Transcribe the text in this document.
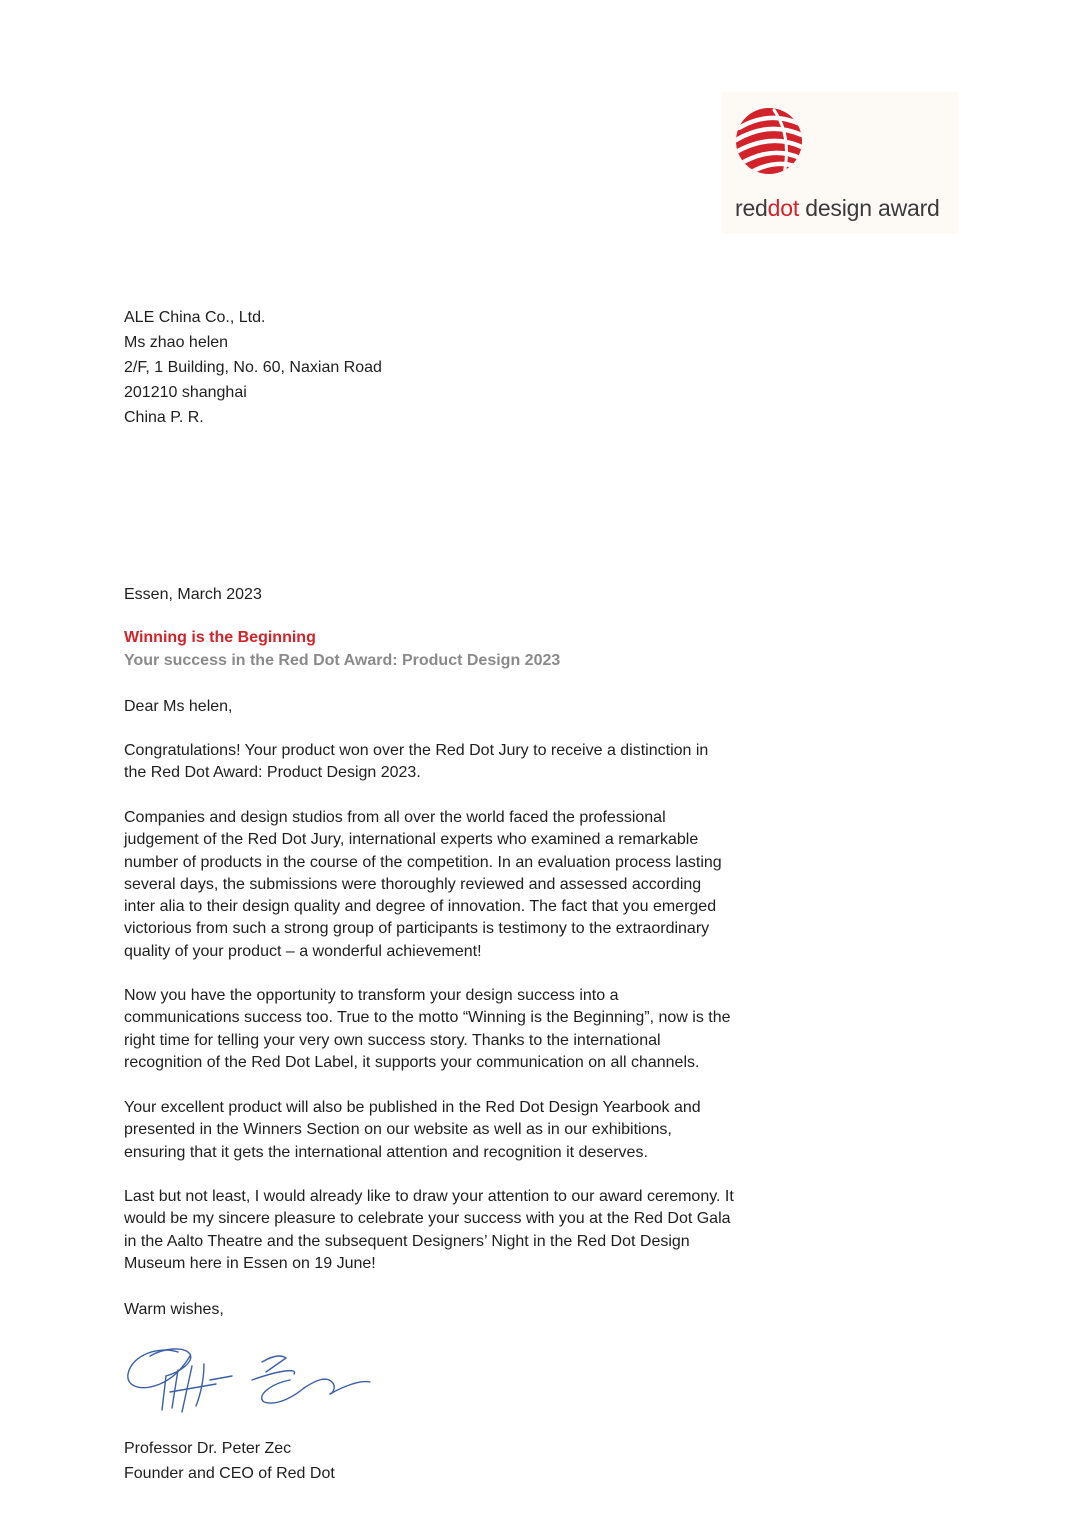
reddot design award
ALE China Co., Ltd.
Ms zhao helen
2/F, 1 Building, No. 60, Naxian Road
201210 shanghai
China P. R.
Essen, March 2023
Winning is the Beginning
Your success in the Red Dot Award: Product Design 2023
Dear Ms helen,
Congratulations! Your product won over the Red Dot Jury to receive a distinction in the Red Dot Award: Product Design 2023.
Companies and design studios from all over the world faced the professional judgement of the Red Dot Jury, international experts who examined a remarkable number of products in the course of the competition. In an evaluation process lasting several days, the submissions were thoroughly reviewed and assessed according inter alia to their design quality and degree of innovation. The fact that you emerged victorious from such a strong group of participants is testimony to the extraordinary quality of your product – a wonderful achievement!
Now you have the opportunity to transform your design success into a communications success too. True to the motto “Winning is the Beginning”, now is the right time for telling your very own success story. Thanks to the international recognition of the Red Dot Label, it supports your communication on all channels.
Your excellent product will also be published in the Red Dot Design Yearbook and presented in the Winners Section on our website as well as in our exhibitions, ensuring that it gets the international attention and recognition it deserves.
Last but not least, I would already like to draw your attention to our award ceremony. It would be my sincere pleasure to celebrate your success with you at the Red Dot Gala in the Aalto Theatre and the subsequent Designers’ Night in the Red Dot Design Museum here in Essen on 19 June!
Warm wishes,
Professor Dr. Peter Zec
Founder and CEO of Red Dot
